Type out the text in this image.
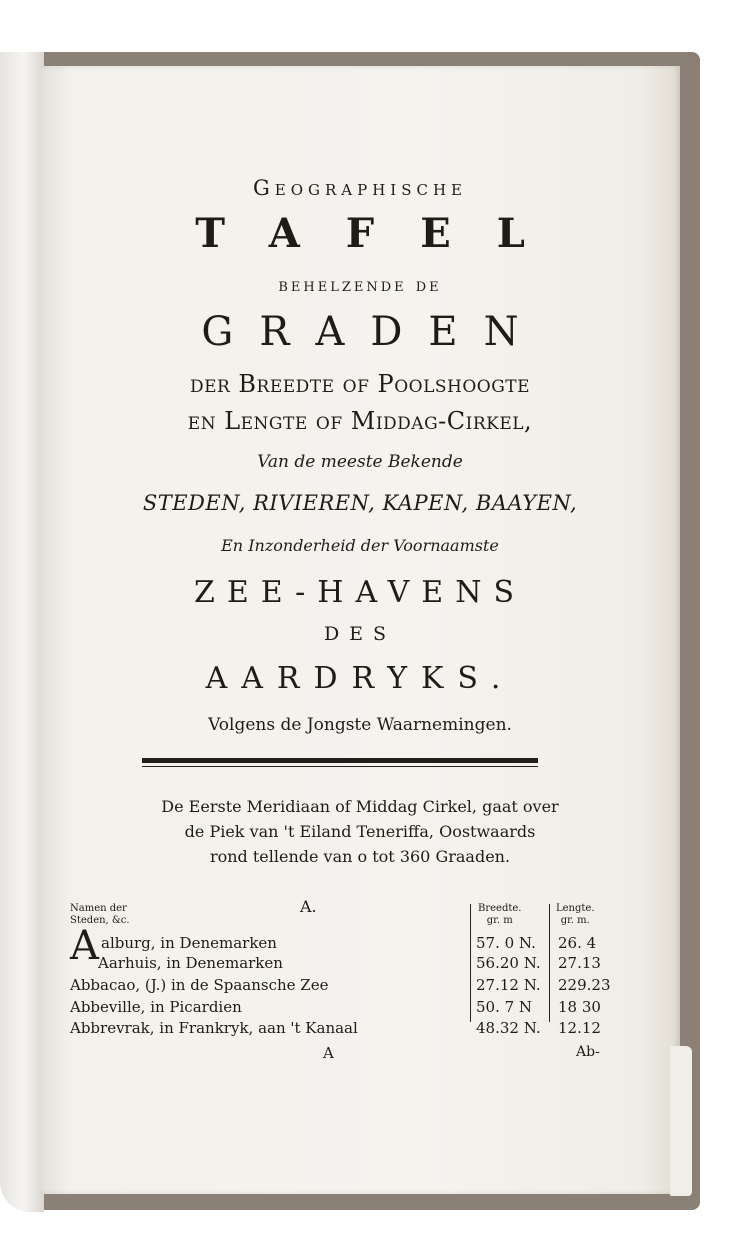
Geographische
TAFEL
behelzende de
GRADEN
der Breedte of Poolshoogte
en Lengte of Middag-Cirkel,
Van de meeste Bekende
STEDEN, RIVIEREN, KAPEN, BAAYEN,
En Inzonderheid der Voornaamste
ZEE-HAVENS
DES
AARDRYKS.
Volgens de Jongste Waarnemingen.
De Eerste Meridiaan of Middag Cirkel, gaat over
de Piek van 't Eiland Teneriffa, Oostwaards
rond tellende van o tot 360 Graaden.
Namen der
Steden, &c.
A.	Breedte.
gr. m
Lengte.
gr. m.
A alburg, in Denemarken	57. 0 N.	26. 4
Aarhuis, in Denemarken	56.20 N.	27.13
Abbacao, (J.) in de Spaansche Zee	27.12 N.	229.23
Abbeville, in Picardien	50. 7 N	18 30
Abbrevrak, in Frankryk, aan 't Kanaal	48.32 N.	12.12
A	Ab-
